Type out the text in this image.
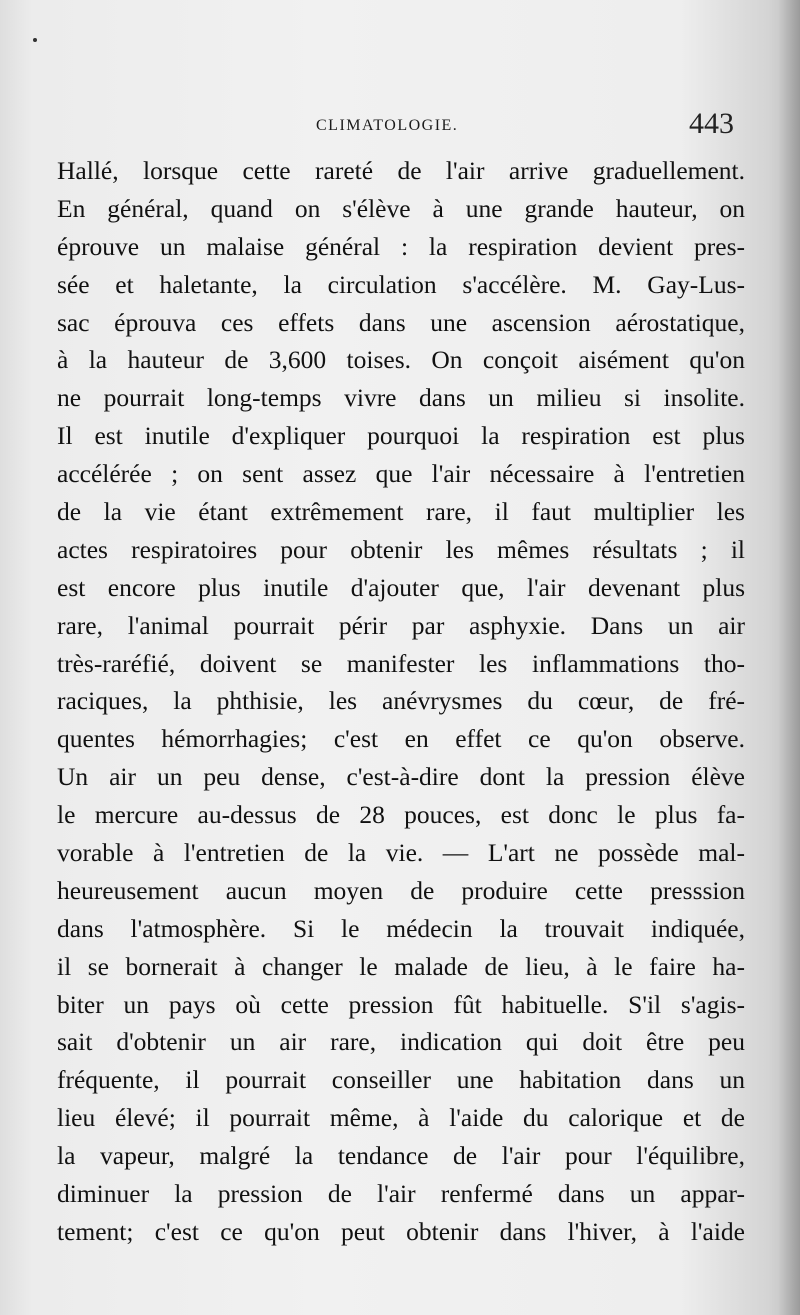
CLIMATOLOGIE.	443
Hallé, lorsque cette rareté de l'air arrive graduellement.
En général, quand on s'élève à une grande hauteur, on
éprouve un malaise général : la respiration devient pres-
sée et haletante, la circulation s'accélère. M. Gay-Lus-
sac éprouva ces effets dans une ascension aérostatique,
à la hauteur de 3,600 toises. On conçoit aisément qu'on
ne pourrait long-temps vivre dans un milieu si insolite.
Il est inutile d'expliquer pourquoi la respiration est plus
accélérée ; on sent assez que l'air nécessaire à l'entretien
de la vie étant extrêmement rare, il faut multiplier les
actes respiratoires pour obtenir les mêmes résultats ; il
est encore plus inutile d'ajouter que, l'air devenant plus
rare, l'animal pourrait périr par asphyxie. Dans un air
très-raréfié, doivent se manifester les inflammations tho-
raciques, la phthisie, les anévrysmes du cœur, de fré-
quentes hémorrhagies; c'est en effet ce qu'on observe.
Un air un peu dense, c'est-à-dire dont la pression élève
le mercure au-dessus de 28 pouces, est donc le plus fa-
vorable à l'entretien de la vie. — L'art ne possède mal-
heureusement aucun moyen de produire cette presssion
dans l'atmosphère. Si le médecin la trouvait indiquée,
il se bornerait à changer le malade de lieu, à le faire ha-
biter un pays où cette pression fût habituelle. S'il s'agis-
sait d'obtenir un air rare, indication qui doit être peu
fréquente, il pourrait conseiller une habitation dans un
lieu élevé; il pourrait même, à l'aide du calorique et de
la vapeur, malgré la tendance de l'air pour l'équilibre,
diminuer la pression de l'air renfermé dans un appar-
tement; c'est ce qu'on peut obtenir dans l'hiver, à l'aide
